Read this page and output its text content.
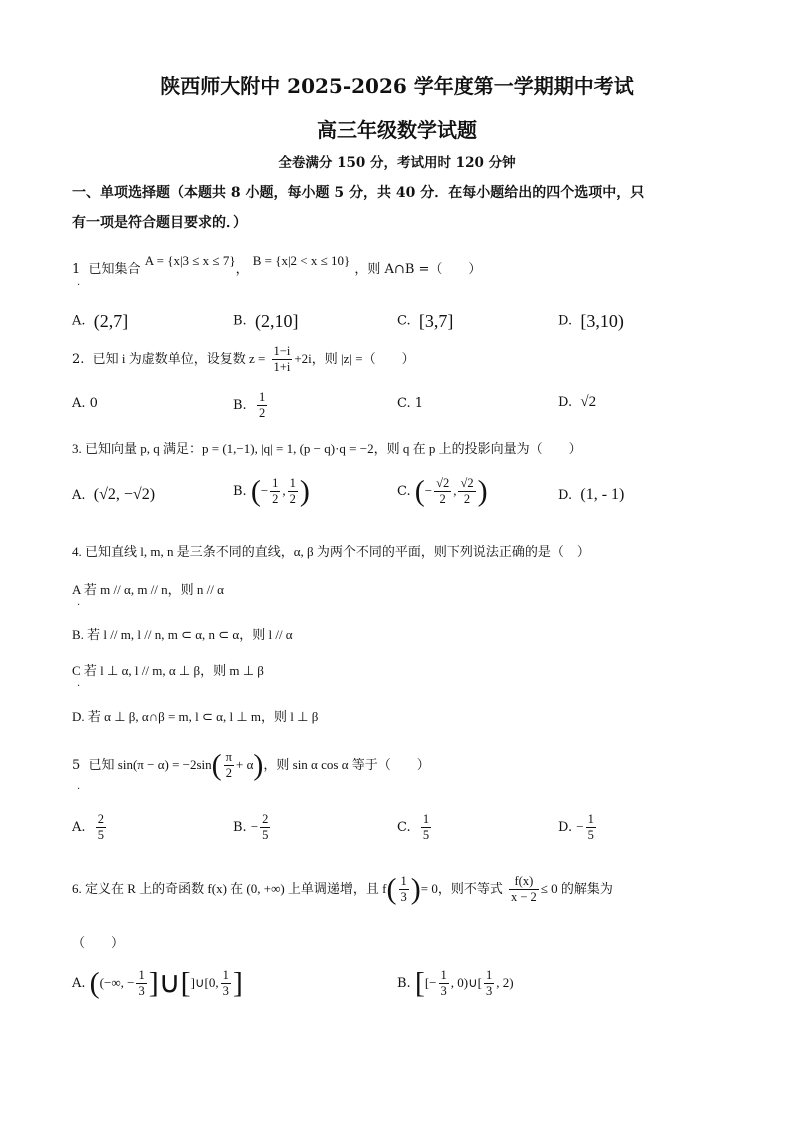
陕西师大附中 2025-2026 学年度第一学期期中考试
高三年级数学试题
全卷满分 150 分，考试用时 120 分钟
一、单项选择题（本题共 8 小题，每小题 5 分，共 40 分．在每小题给出的四个选项中，只
有一项是符合题目要求的．）
1 已知集合 A = {x|3 ≤ x ≤ 7}， B = {x|2 < x ≤ 10} ，则 A∩B =（　　）
.
A. (2,7]	B. (2,10]	C. [3,7]	D. [3,10)
2. 已知 i 为虚数单位，设复数 $z = \frac{1-i}{1+i} +2i$，则 |z| =（　　）
A. 0	B. $\frac{1}{2}$	C. 1	D. √2
3. 已知向量 p, q 满足：p = (1,−1), |q| = 1, (p − q)·q = −2，则 q 在 p 上的投影向量为（　　）
A. (√2, −√2)	B. (− $\frac{1}{2}$ , $\frac{1}{2}$ )	C. (− $\frac{√2}{2}$ , $\frac{√2}{2}$ )	D. (1, - 1)
4. 已知直线 l, m, n 是三条不同的直线，α, β 为两个不同的平面，则下列说法正确的是（　）
A 若 m // α, m // n，则 n // α
.
B. 若 l // m, l // n, m ⊂ α, n ⊂ α，则 l // α
C 若 l ⊥ α, l // m, α ⊥ β，则 m ⊥ β
.
D. 若 α ⊥ β, α∩β = m, l ⊂ α, l ⊥ m，则 l ⊥ β
5 已知 $\sin(\pi - \alpha) = -2\sin( \frac{\pi}{2} + \alpha)$，则 sin α cos α 等于（　　）
.
A. $\frac{2}{5}$	B. − $\frac{2}{5}$	C. $\frac{1}{5}$	D. − $\frac{1}{5}$
6. 定义在 R 上的奇函数 f(x) 在 (0, +∞) 上单调递增，且 $f( \frac{1}{3}$ )= 0，则不等式 $\frac{f(x)}{x - 2} \le 0$ 的解集为
（　　）
A. ((−∞, − $\frac{1}{3}$ ]∪[]∪[0, $\frac{1}{3}$ ]	B. [[− $\frac{1}{3}$ , 0)∪[ $\frac{1}{3}$ , 2)
